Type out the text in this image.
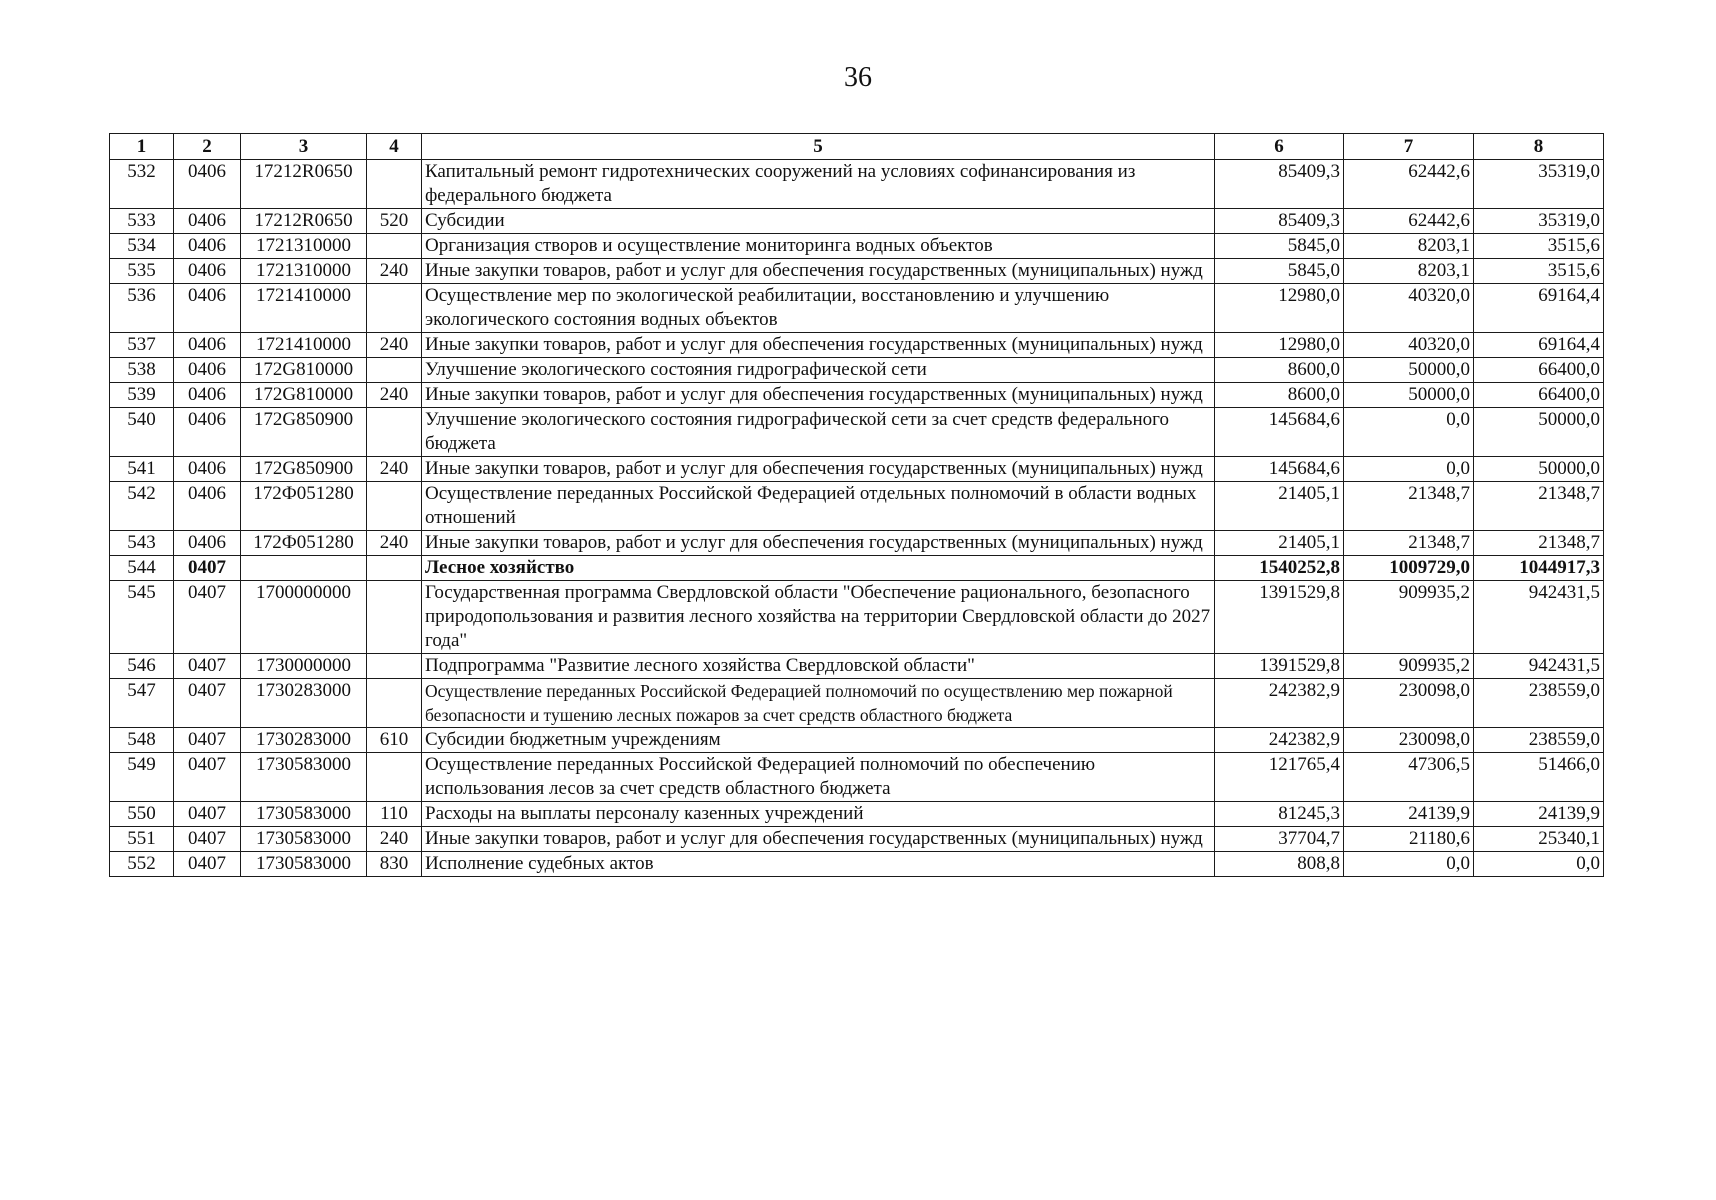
36
1	2	3	4	5	6	7	8
532	0406	17212R0650		Капитальный ремонт гидротехнических сооружений на условиях софинансирования из федерального бюджета	85409,3	62442,6	35319,0
533	0406	17212R0650	520	Субсидии	85409,3	62442,6	35319,0
534	0406	1721310000		Организация створов и осуществление мониторинга водных объектов	5845,0	8203,1	3515,6
535	0406	1721310000	240	Иные закупки товаров, работ и услуг для обеспечения государственных (муниципальных) нужд	5845,0	8203,1	3515,6
536	0406	1721410000		Осуществление мер по экологической реабилитации, восстановлению и улучшению экологического состояния водных объектов	12980,0	40320,0	69164,4
537	0406	1721410000	240	Иные закупки товаров, работ и услуг для обеспечения государственных (муниципальных) нужд	12980,0	40320,0	69164,4
538	0406	172G810000		Улучшение экологического состояния гидрографической сети	8600,0	50000,0	66400,0
539	0406	172G810000	240	Иные закупки товаров, работ и услуг для обеспечения государственных (муниципальных) нужд	8600,0	50000,0	66400,0
540	0406	172G850900		Улучшение экологического состояния гидрографической сети за счет средств федерального бюджета	145684,6	0,0	50000,0
541	0406	172G850900	240	Иные закупки товаров, работ и услуг для обеспечения государственных (муниципальных) нужд	145684,6	0,0	50000,0
542	0406	172Ф051280		Осуществление переданных Российской Федерацией отдельных полномочий в области водных отношений	21405,1	21348,7	21348,7
543	0406	172Ф051280	240	Иные закупки товаров, работ и услуг для обеспечения государственных (муниципальных) нужд	21405,1	21348,7	21348,7
544	0407			Лесное хозяйство	1540252,8	1009729,0	1044917,3
545	0407	1700000000		Государственная программа Свердловской области "Обеспечение рационального, безопасного природопользования и развития лесного хозяйства на территории Свердловской области до 2027 года"	1391529,8	909935,2	942431,5
546	0407	1730000000		Подпрограмма "Развитие лесного хозяйства Свердловской области"	1391529,8	909935,2	942431,5
547	0407	1730283000		Осуществление переданных Российской Федерацией полномочий по осуществлению мер пожарной безопасности и тушению лесных пожаров за счет средств областного бюджета	242382,9	230098,0	238559,0
548	0407	1730283000	610	Субсидии бюджетным учреждениям	242382,9	230098,0	238559,0
549	0407	1730583000		Осуществление переданных Российской Федерацией полномочий по обеспечению использования лесов за счет средств областного бюджета	121765,4	47306,5	51466,0
550	0407	1730583000	110	Расходы на выплаты персоналу казенных учреждений	81245,3	24139,9	24139,9
551	0407	1730583000	240	Иные закупки товаров, работ и услуг для обеспечения государственных (муниципальных) нужд	37704,7	21180,6	25340,1
552	0407	1730583000	830	Исполнение судебных актов	808,8	0,0	0,0
